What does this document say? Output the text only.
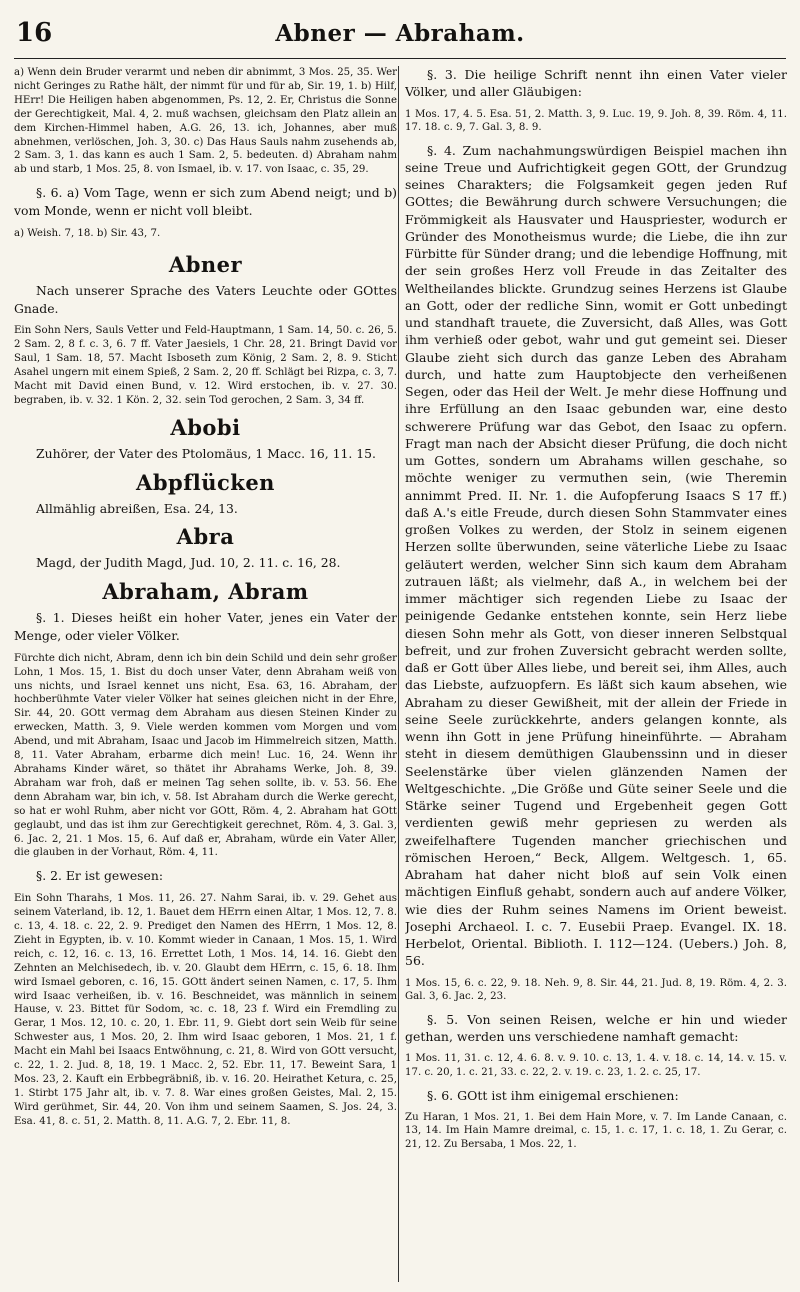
16	Abner — Abraham.

a) Wenn dein Bruder verarmt und neben dir abnimmt, 3 Mos. 25, 35. Wer nicht Geringes zu Rathe hält, der nimmt für und für ab, Sir. 19, 1. b) Hilf, HErr! Die Heiligen haben abgenommen, Ps. 12, 2. Er, Christus die Sonne der Gerechtigkeit, Mal. 4, 2. muß wachsen, gleichsam den Platz allein an dem Kirchen-Himmel haben, A.G. 26, 13. ich, Johannes, aber muß abnehmen, verlöschen, Joh. 3, 30. c) Das Haus Sauls nahm zusehends ab, 2 Sam. 3, 1. das kann es auch 1 Sam. 2, 5. bedeuten. d) Abraham nahm ab und starb, 1 Mos. 25, 8. von Ismael, ib. v. 17. von Isaac, c. 35, 29.

§. 6. a) Vom Tage, wenn er sich zum Abend neigt; und b) vom Monde, wenn er nicht voll bleibt.

a) Weish. 7, 18. b) Sir. 43, 7.

Abner

Nach unserer Sprache des Vaters Leuchte oder GOttes Gnade.

Ein Sohn Ners, Sauls Vetter und Feld-Hauptmann, 1 Sam. 14, 50. c. 26, 5. 2 Sam. 2, 8 f. c. 3, 6. 7 ff. Vater Jaesiels, 1 Chr. 28, 21. Bringt David vor Saul, 1 Sam. 18, 57. Macht Isboseth zum König, 2 Sam. 2, 8. 9. Sticht Asahel ungern mit einem Spieß, 2 Sam. 2, 20 ff. Schlägt bei Rizpa, c. 3, 7. Macht mit David einen Bund, v. 12. Wird erstochen, ib. v. 27. 30. begraben, ib. v. 32. 1 Kön. 2, 32. sein Tod gerochen, 2 Sam. 3, 34 ff.

Abobi

Zuhörer, der Vater des Ptolomäus, 1 Macc. 16, 11. 15.

Abpflücken

Allmählig abreißen, Esa. 24, 13.

Abra

Magd, der Judith Magd, Jud. 10, 2. 11. c. 16, 28.

Abraham, Abram

§. 1. Dieses heißt ein hoher Vater, jenes ein Vater der Menge, oder vieler Völker.

Fürchte dich nicht, Abram, denn ich bin dein Schild und dein sehr großer Lohn, 1 Mos. 15, 1. Bist du doch unser Vater, denn Abraham weiß von uns nichts, und Israel kennet uns nicht, Esa. 63, 16. Abraham, der hochberühmte Vater vieler Völker hat seines gleichen nicht in der Ehre, Sir. 44, 20. GOtt vermag dem Abraham aus diesen Steinen Kinder zu erwecken, Matth. 3, 9. Viele werden kommen vom Morgen und vom Abend, und mit Abraham, Isaac und Jacob im Himmelreich sitzen, Matth. 8, 11. Vater Abraham, erbarme dich mein! Luc. 16, 24. Wenn ihr Abrahams Kinder wäret, so thätet ihr Abrahams Werke, Joh. 8, 39. Abraham war froh, daß er meinen Tag sehen sollte, ib. v. 53. 56. Ehe denn Abraham war, bin ich, v. 58. Ist Abraham durch die Werke gerecht, so hat er wohl Ruhm, aber nicht vor GOtt, Röm. 4, 2. Abraham hat GOtt geglaubt, und das ist ihm zur Gerechtigkeit gerechnet, Röm. 4, 3. Gal. 3, 6. Jac. 2, 21. 1 Mos. 15, 6. Auf daß er, Abraham, würde ein Vater Aller, die glauben in der Vorhaut, Röm. 4, 11.

§. 2. Er ist gewesen:

Ein Sohn Tharahs, 1 Mos. 11, 26. 27. Nahm Sarai, ib. v. 29. Gehet aus seinem Vaterland, ib. 12, 1. Bauet dem HErrn einen Altar, 1 Mos. 12, 7. 8. c. 13, 4. 18. c. 22, 2. 9. Prediget den Namen des HErrn, 1 Mos. 12, 8. Zieht in Egypten, ib. v. 10. Kommt wieder in Canaan, 1 Mos. 15, 1. Wird reich, c. 12, 16. c. 13, 16. Errettet Loth, 1 Mos. 14, 14. 16. Giebt den Zehnten an Melchisedech, ib. v. 20. Glaubt dem HErrn, c. 15, 6. 18. Ihm wird Ismael geboren, c. 16, 15. GOtt ändert seinen Namen, c. 17, 5. Ihm wird Isaac verheißen, ib. v. 16. Beschneidet, was männlich in seinem Hause, v. 23. Bittet für Sodom, ꝛc. c. 18, 23 f. Wird ein Fremdling zu Gerar, 1 Mos. 12, 10. c. 20, 1. Ebr. 11, 9. Giebt dort sein Weib für seine Schwester aus, 1 Mos. 20, 2. Ihm wird Isaac geboren, 1 Mos. 21, 1 f. Macht ein Mahl bei Isaacs Entwöhnung, c. 21, 8. Wird von GOtt versucht, c. 22, 1. 2. Jud. 8, 18, 19. 1 Macc. 2, 52. Ebr. 11, 17. Beweint Sara, 1 Mos. 23, 2. Kauft ein Erbbegräbniß, ib. v. 16. 20. Heirathet Ketura, c. 25, 1. Stirbt 175 Jahr alt, ib. v. 7. 8. War eines großen Geistes, Mal. 2, 15. Wird gerühmet, Sir. 44, 20. Von ihm und seinem Saamen, S. Jos. 24, 3. Esa. 41, 8. c. 51, 2. Matth. 8, 11. A.G. 7, 2. Ebr. 11, 8.

§. 3. Die heilige Schrift nennt ihn einen Vater vieler Völker, und aller Gläubigen:

1 Mos. 17, 4. 5. Esa. 51, 2. Matth. 3, 9. Luc. 19, 9. Joh. 8, 39. Röm. 4, 11. 17. 18. c. 9, 7. Gal. 3, 8. 9.

§. 4. Zum nachahmungswürdigen Beispiel machen ihn seine Treue und Aufrichtigkeit gegen GOtt, der Grundzug seines Charakters; die Folgsamkeit gegen jeden Ruf GOttes; die Bewährung durch schwere Versuchungen; die Frömmigkeit als Hausvater und Hauspriester, wodurch er Gründer des Monotheismus wurde; die Liebe, die ihn zur Fürbitte für Sünder drang; und die lebendige Hoffnung, mit der sein großes Herz voll Freude in das Zeitalter des Weltheilandes blickte. Grundzug seines Herzens ist Glaube an Gott, oder der redliche Sinn, womit er Gott unbedingt und standhaft trauete, die Zuversicht, daß Alles, was Gott ihm verhieß oder gebot, wahr und gut gemeint sei. Dieser Glaube zieht sich durch das ganze Leben des Abraham durch, und hatte zum Hauptobjecte den verheißenen Segen, oder das Heil der Welt. Je mehr diese Hoffnung und ihre Erfüllung an den Isaac gebunden war, eine desto schwerere Prüfung war das Gebot, den Isaac zu opfern. Fragt man nach der Absicht dieser Prüfung, die doch nicht um Gottes, sondern um Abrahams willen geschahe, so möchte weniger zu vermuthen sein, (wie Theremin annimmt Pred. II. Nr. 1. die Aufopferung Isaacs S 17 ff.) daß A.'s eitle Freude, durch diesen Sohn Stammvater eines großen Volkes zu werden, der Stolz in seinem eigenen Herzen sollte überwunden, seine väterliche Liebe zu Isaac geläutert werden, welcher Sinn sich kaum dem Abraham zutrauen läßt; als vielmehr, daß A., in welchem bei der immer mächtiger sich regenden Liebe zu Isaac der peinigende Gedanke entstehen konnte, sein Herz liebe diesen Sohn mehr als Gott, von dieser inneren Selbstqual befreit, und zur frohen Zuversicht gebracht werden sollte, daß er Gott über Alles liebe, und bereit sei, ihm Alles, auch das Liebste, aufzuopfern. Es läßt sich kaum absehen, wie Abraham zu dieser Gewißheit, mit der allein der Friede in seine Seele zurückkehrte, anders gelangen konnte, als wenn ihn Gott in jene Prüfung hineinführte. — Abraham steht in diesem demüthigen Glaubenssinn und in dieser Seelenstärke über vielen glänzenden Namen der Weltgeschichte. „Die Größe und Güte seiner Seele und die Stärke seiner Tugend und Ergebenheit gegen Gott verdienten gewiß mehr gepriesen zu werden als zweifelhaftere Tugenden mancher griechischen und römischen Heroen,“ Beck, Allgem. Weltgesch. 1, 65. Abraham hat daher nicht bloß auf sein Volk einen mächtigen Einfluß gehabt, sondern auch auf andere Völker, wie dies der Ruhm seines Namens im Orient beweist. Josephi Archaeol. I. c. 7. Eusebii Praep. Evangel. IX. 18. Herbelot, Oriental. Biblioth. I. 112—124. (Uebers.) Joh. 8, 56.

1 Mos. 15, 6. c. 22, 9. 18. Neh. 9, 8. Sir. 44, 21. Jud. 8, 19. Röm. 4, 2. 3. Gal. 3, 6. Jac. 2, 23.

§. 5. Von seinen Reisen, welche er hin und wieder gethan, werden uns verschiedene namhaft gemacht:

1 Mos. 11, 31. c. 12, 4. 6. 8. v. 9. 10. c. 13, 1. 4. v. 18. c. 14, 14. v. 15. v. 17. c. 20, 1. c. 21, 33. c. 22, 2. v. 19. c. 23, 1. 2. c. 25, 17.

§. 6. GOtt ist ihm einigemal erschienen:

Zu Haran, 1 Mos. 21, 1. Bei dem Hain More, v. 7. Im Lande Canaan, c. 13, 14. Im Hain Mamre dreimal, c. 15, 1. c. 17, 1. c. 18, 1. Zu Gerar, c. 21, 12. Zu Bersaba, 1 Mos. 22, 1.
